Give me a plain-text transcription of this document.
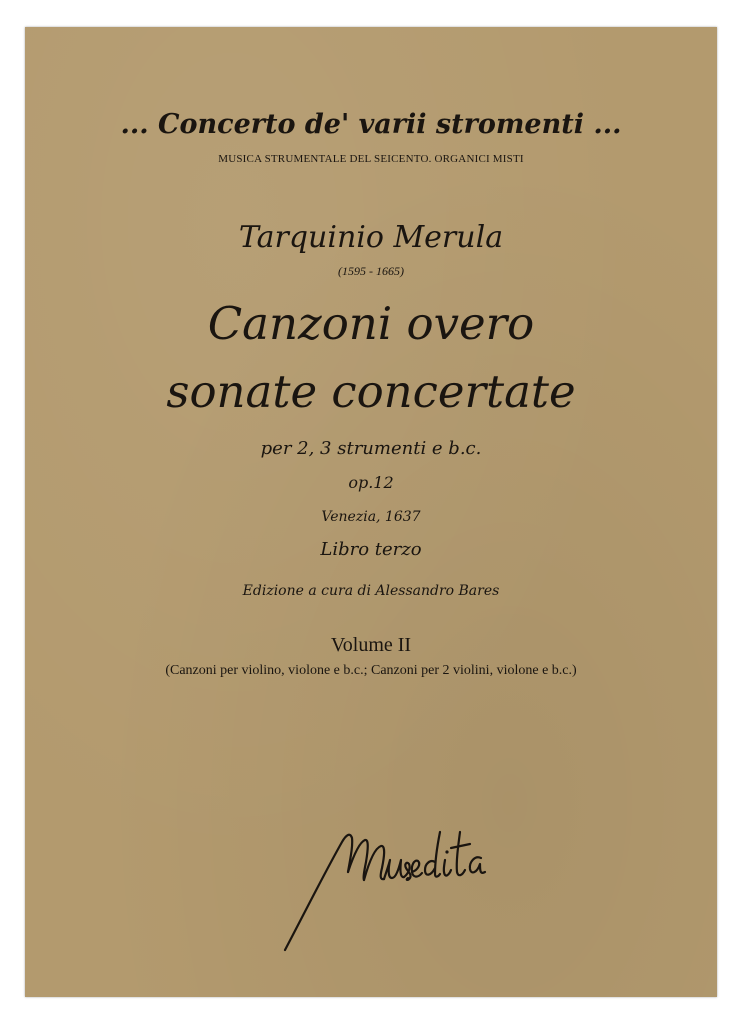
... Concerto de' varii stromenti ...
MUSICA STRUMENTALE DEL SEICENTO. ORGANICI MISTI
Tarquinio Merula
(1595 - 1665)
Canzoni overo
sonate concertate
per 2, 3 strumenti e b.c.
op.12
Venezia, 1637
Libro terzo
Edizione a cura di Alessandro Bares
Volume II
(Canzoni per violino, violone e b.c.; Canzoni per 2 violini, violone e b.c.)
